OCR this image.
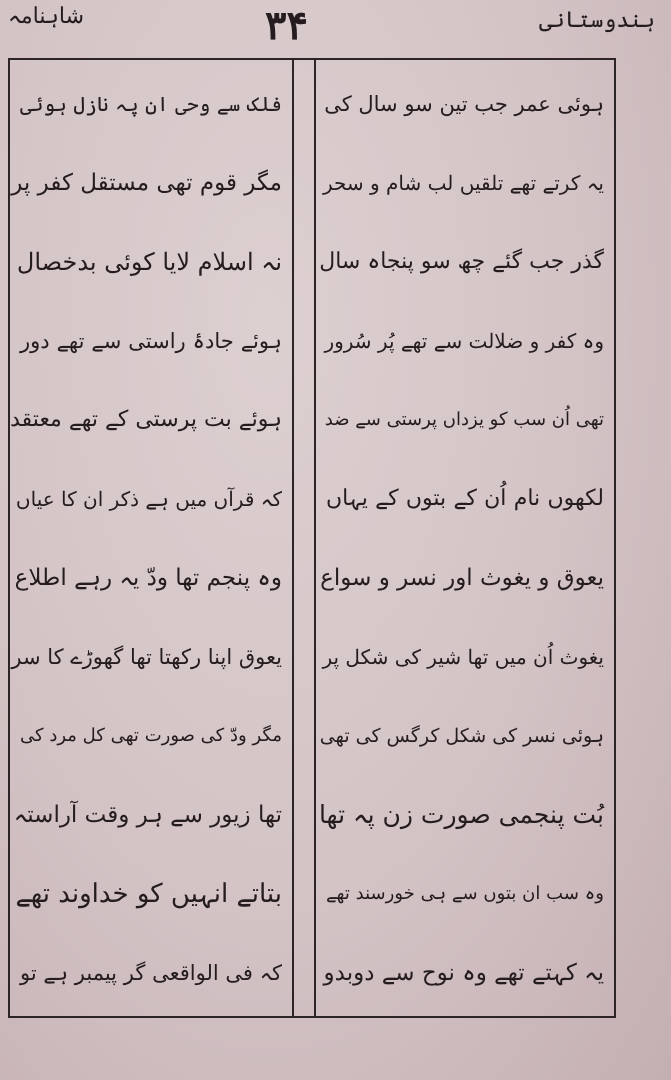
شاہنامہ	۳۴	ہندوستانی
ہوئی عمر جب تین سو سال کی
یہ کرتے تھے تلقیں لب شام و سحر
گذر جب گئے چھ سو پنجاہ سال
وہ کفر و ضلالت سے تھے پُر سُرور
تھی اُن سب کو یزداں پرستی سے ضد
لکھوں نام اُن کے بتوں کے یہاں
یعوق و یغوث اور نسر و سواع
یغوث اُن میں تھا شیر کی شکل پر
ہوئی نسر کی شکل کرگس کی تھی
بُت پنجمی صورت زن پہ تھا
وہ سب ان بتوں سے ہی خورسند تھے
یہ کہتے تھے وہ نوح سے دوبدو
فلک سے وحی ان پہ نازل ہوئی
مگر قوم تھی مستقل کفر پر
نہ اسلام لایا کوئی بدخصال
ہوئے جادۂ راستی سے تھے دور
ہوئے بت پرستی کے تھے معتقد
کہ قرآں میں ہے ذکر ان کا عیاں
وہ پنجم تھا ودّ یہ رہے اطلاع
یعوق اپنا رکھتا تھا گھوڑے کا سر
مگر ودّ کی صورت تھی کل مرد کی
تھا زیور سے ہر وقت آراستہ
بتاتے انہیں کو خداوند تھے
کہ فی الواقعی گر پیمبر ہے تو
